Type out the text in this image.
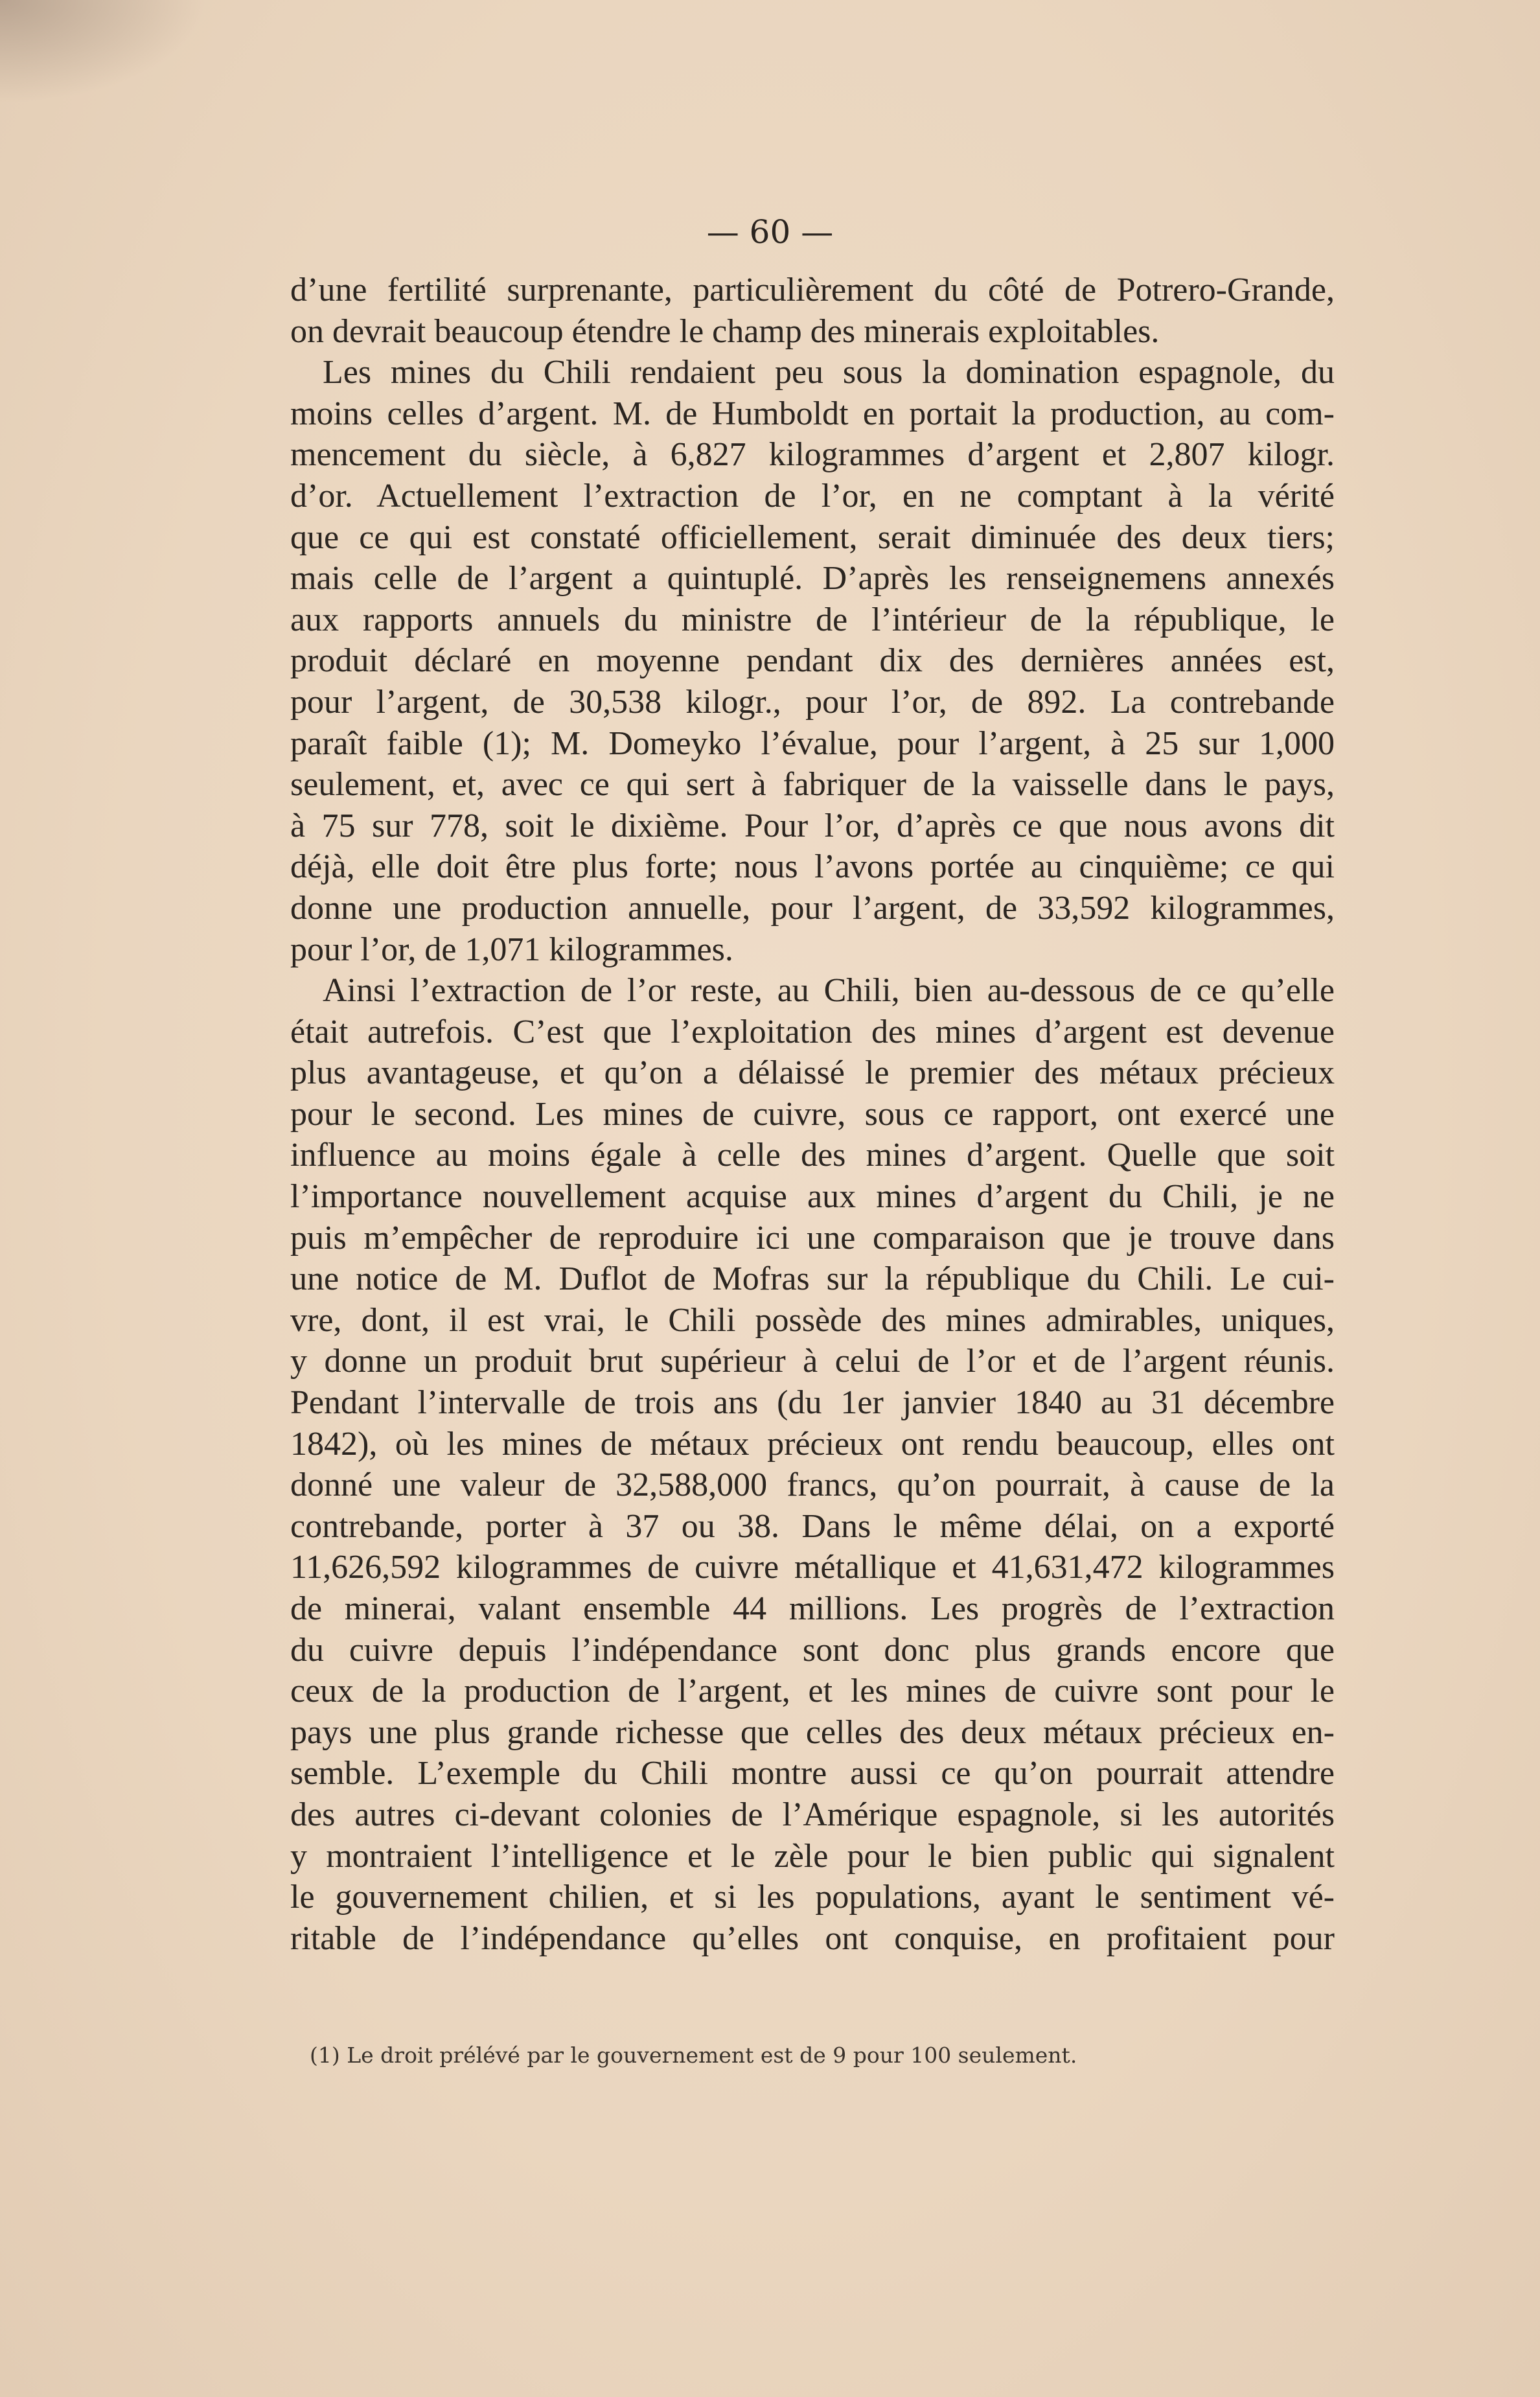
— 60 —
d’une fertilité surprenante, particulièrement du côté de Potrero-Grande,
on devrait beaucoup étendre le champ des minerais exploitables.
Les mines du Chili rendaient peu sous la domination espagnole, du
moins celles d’argent. M. de Humboldt en portait la production, au com-
mencement du siècle, à 6,827 kilogrammes d’argent et 2,807 kilogr.
d’or. Actuellement l’extraction de l’or, en ne comptant à la vérité
que ce qui est constaté officiellement, serait diminuée des deux tiers;
mais celle de l’argent a quintuplé. D’après les renseignemens annexés
aux rapports annuels du ministre de l’intérieur de la république, le
produit déclaré en moyenne pendant dix des dernières années est,
pour l’argent, de 30,538 kilogr., pour l’or, de 892. La contrebande
paraît faible (1); M. Domeyko l’évalue, pour l’argent, à 25 sur 1,000
seulement, et, avec ce qui sert à fabriquer de la vaisselle dans le pays,
à 75 sur 778, soit le dixième. Pour l’or, d’après ce que nous avons dit
déjà, elle doit être plus forte; nous l’avons portée au cinquième; ce qui
donne une production annuelle, pour l’argent, de 33,592 kilogrammes,
pour l’or, de 1,071 kilogrammes.
Ainsi l’extraction de l’or reste, au Chili, bien au-dessous de ce qu’elle
était autrefois. C’est que l’exploitation des mines d’argent est devenue
plus avantageuse, et qu’on a délaissé le premier des métaux précieux
pour le second. Les mines de cuivre, sous ce rapport, ont exercé une
influence au moins égale à celle des mines d’argent. Quelle que soit
l’importance nouvellement acquise aux mines d’argent du Chili, je ne
puis m’empêcher de reproduire ici une comparaison que je trouve dans
une notice de M. Duflot de Mofras sur la république du Chili. Le cui-
vre, dont, il est vrai, le Chili possède des mines admirables, uniques,
y donne un produit brut supérieur à celui de l’or et de l’argent réunis.
Pendant l’intervalle de trois ans (du 1er janvier 1840 au 31 décembre
1842), où les mines de métaux précieux ont rendu beaucoup, elles ont
donné une valeur de 32,588,000 francs, qu’on pourrait, à cause de la
contrebande, porter à 37 ou 38. Dans le même délai, on a exporté
11,626,592 kilogrammes de cuivre métallique et 41,631,472 kilogrammes
de minerai, valant ensemble 44 millions. Les progrès de l’extraction
du cuivre depuis l’indépendance sont donc plus grands encore que
ceux de la production de l’argent, et les mines de cuivre sont pour le
pays une plus grande richesse que celles des deux métaux précieux en-
semble. L’exemple du Chili montre aussi ce qu’on pourrait attendre
des autres ci-devant colonies de l’Amérique espagnole, si les autorités
y montraient l’intelligence et le zèle pour le bien public qui signalent
le gouvernement chilien, et si les populations, ayant le sentiment vé-
ritable de l’indépendance qu’elles ont conquise, en profitaient pour
(1) Le droit prélévé par le gouvernement est de 9 pour 100 seulement.
